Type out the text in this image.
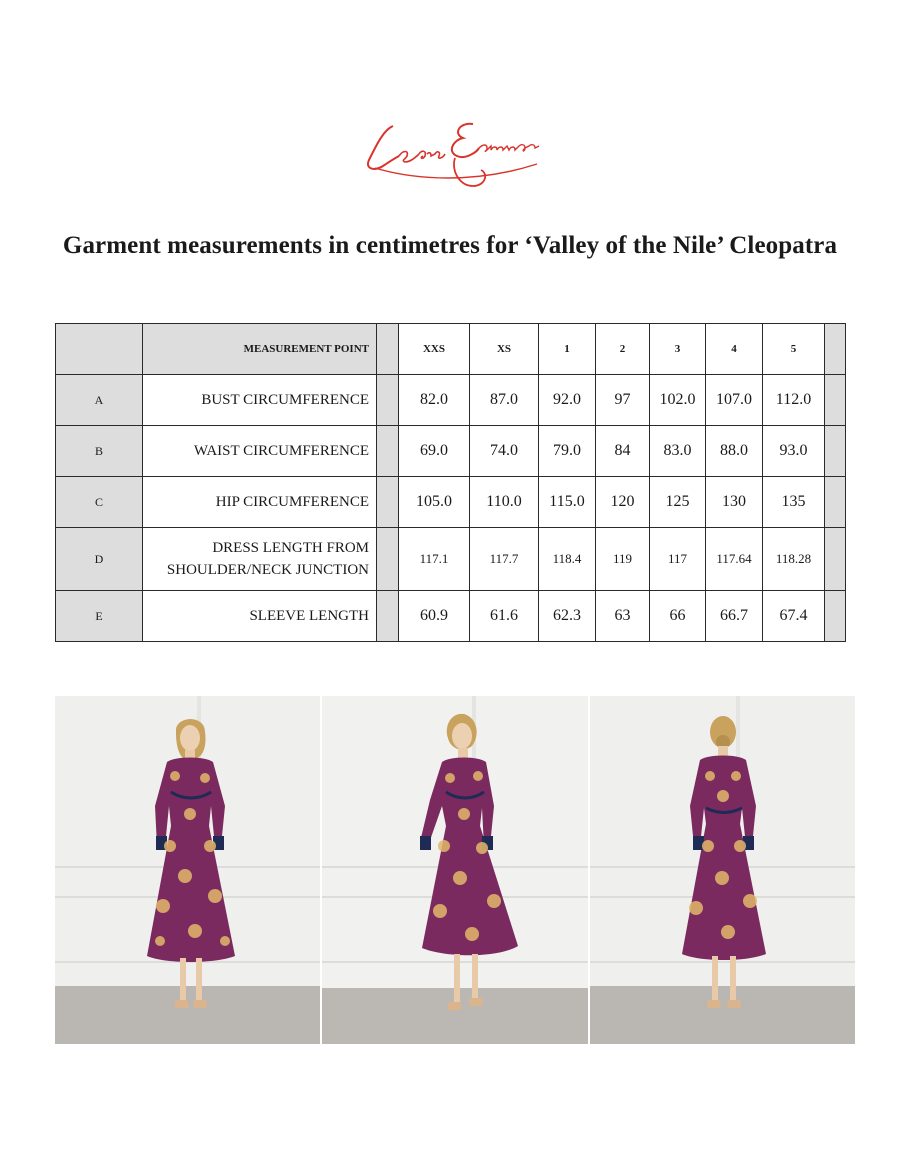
Garment measurements in centimetres for ‘Valley of the Nile’ Cleopatra
	MEASUREMENT POINT		XXS	XS	1	2	3	4	5	
A	BUST CIRCUMFERENCE		82.0	87.0	92.0	97	102.0	107.0	112.0	
B	WAIST CIRCUMFERENCE		69.0	74.0	79.0	84	83.0	88.0	93.0	
C	HIP CIRCUMFERENCE		105.0	110.0	115.0	120	125	130	135	
D	DRESS LENGTH FROM
SHOULDER/NECK JUNCTION		117.1	117.7	118.4	119	117	117.64	118.28	
E	SLEEVE LENGTH		60.9	61.6	62.3	63	66	66.7	67.4	
